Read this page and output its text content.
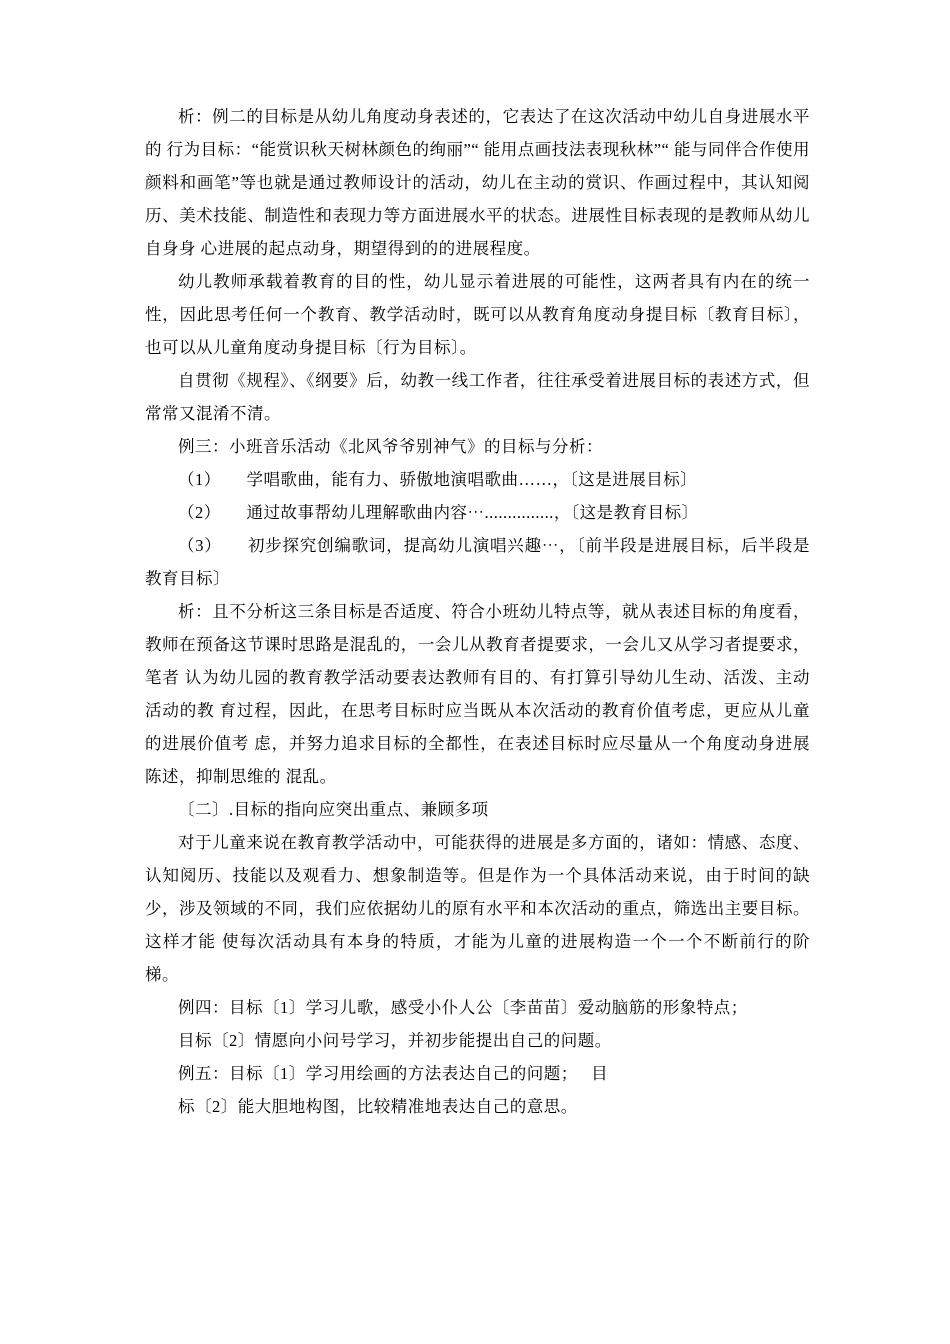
析：例二的目标是从幼儿角度动身表述的，它表达了在这次活动中幼儿自身进展水平的 行为目标：“能赏识秋天树林颜色的绚丽”“ 能用点画技法表现秋林”“ 能与同伴合作使用颜料和画笔”等也就是通过教师设计的活动，幼儿在主动的赏识、作画过程中，其认知阅历、美术技能、制造性和表现力等方面进展水平的状态。进展性目标表现的是教师从幼儿自身身 心进展的起点动身，期望得到的的进展程度。

幼儿教师承载着教育的目的性，幼儿显示着进展的可能性，这两者具有内在的统一性，因此思考任何一个教育、教学活动时，既可以从教育角度动身提目标〔教育目标〕，也可以从儿童角度动身提目标〔行为目标〕。

自贯彻《规程》、《纲要》后，幼教一线工作者，往往承受着进展目标的表述方式，但常常又混淆不清。

例三：小班音乐活动《北风爷爷别神气》的目标与分析：

（1）　　学唱歌曲，能有力、骄傲地演唱歌曲……，〔这是进展目标〕

（2）　　通过故事帮幼儿理解歌曲内容⋯...............，〔这是教育目标〕

（3）　　初步探究创编歌词，提高幼儿演唱兴趣⋯，〔前半段是进展目标，后半段是教育目标〕

析：且不分析这三条目标是否适度、符合小班幼儿特点等，就从表述目标的角度看，教师在预备这节课时思路是混乱的，一会儿从教育者提要求，一会儿又从学习者提要求，笔者 认为幼儿园的教育教学活动要表达教师有目的、有打算引导幼儿生动、活泼、主动活动的教 育过程，因此，在思考目标时应当既从本次活动的教育价值考虑，更应从儿童的进展价值考 虑，并努力追求目标的全都性，在表述目标时应尽量从一个角度动身进展陈述，抑制思维的 混乱。

〔二〕.目标的指向应突出重点、兼顾多项

对于儿童来说在教育教学活动中，可能获得的进展是多方面的，诸如：情感、态度、认知阅历、技能以及观看力、想象制造等。但是作为一个具体活动来说，由于时间的缺少，涉及领域的不同，我们应依据幼儿的原有水平和本次活动的重点，筛选出主要目标。这样才能 使每次活动具有本身的特质，才能为儿童的进展构造一个一个不断前行的阶梯。

例四：目标〔1〕学习儿歌，感受小仆人公〔李苗苗〕爱动脑筋的形象特点；

目标〔2〕情愿向小问号学习，并初步能提出自己的问题。

例五：目标〔1〕学习用绘画的方法表达自己的问题；　 目

标〔2〕能大胆地构图，比较精准地表达自己的意思。
